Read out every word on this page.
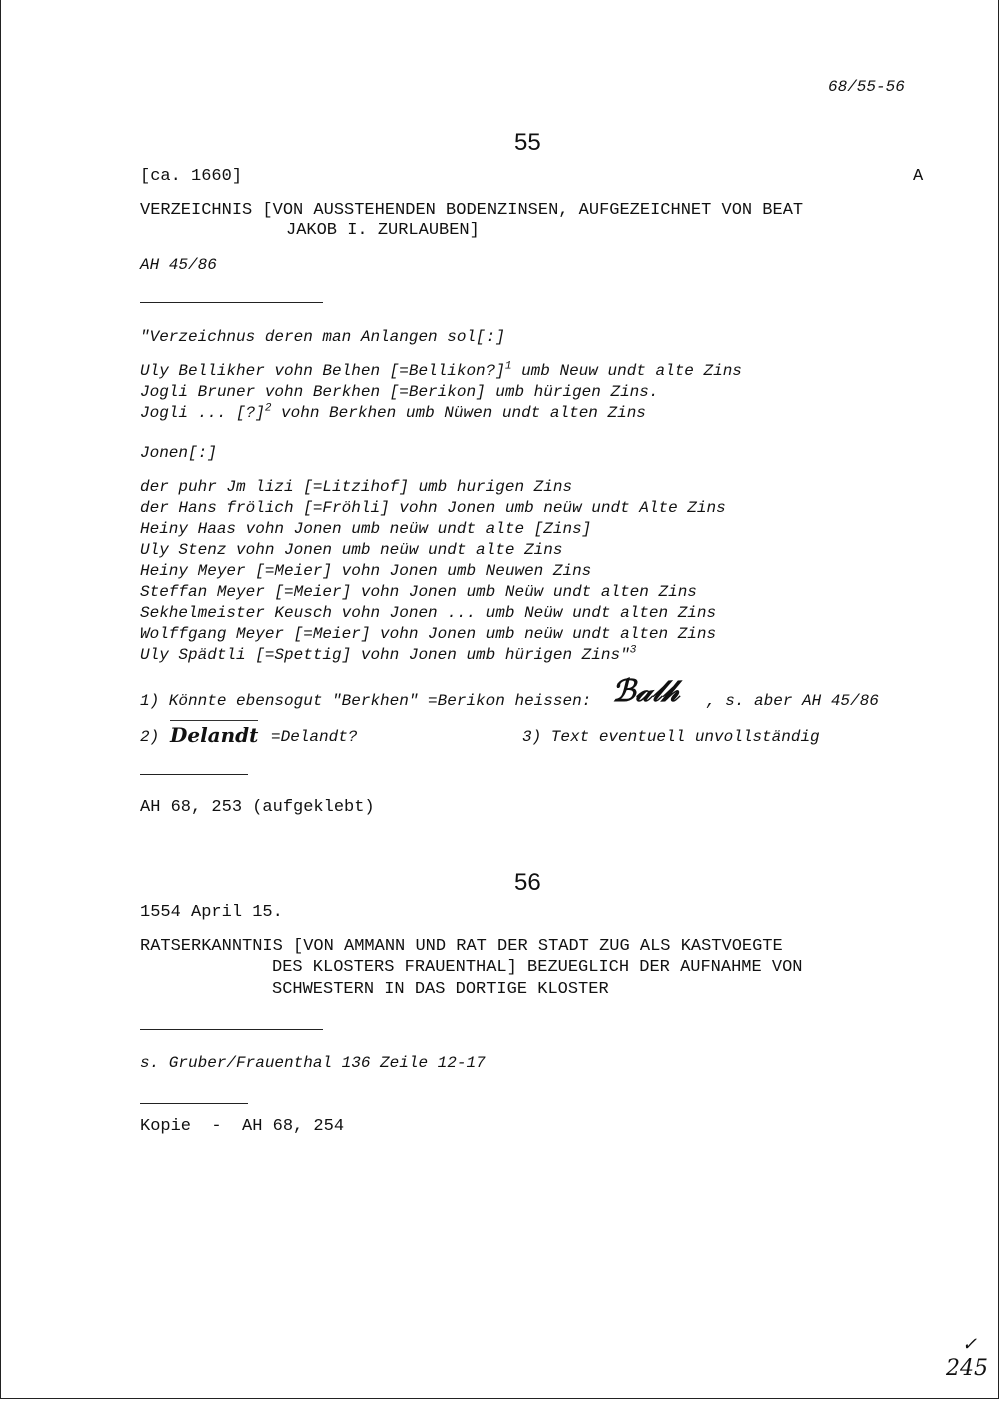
68/55-56
55
[ca. 1660]	A
VERZEICHNIS [VON AUSSTEHENDEN BODENZINSEN, AUFGEZEICHNET VON BEAT
JAKOB I. ZURLAUBEN]
AH 45/86
"Verzeichnus deren man Anlangen sol[:]
Uly Bellikher vohn Belhen [=Bellikon?]$^1$ umb Neuw undt alte Zins
Jogli Bruner vohn Berkhen [=Berikon] umb hürigen Zins.
Jogli ... [?]$^2$ vohn Berkhen umb Nüwen undt alten Zins
Jonen[:]
der puhr Jm lizi [=Litzihof] umb hurigen Zins
der Hans frölich [=Fröhli] vohn Jonen umb neüw undt Alte Zins
Heiny Haas vohn Jonen umb neüw undt alte [Zins]
Uly Stenz vohn Jonen umb neüw undt alte Zins
Heiny Meyer [=Meier] vohn Jonen umb Neuwen Zins
Steffan Meyer [=Meier] vohn Jonen umb Neüw undt alten Zins
Sekhelmeister Keusch vohn Jonen ... umb Neüw undt alten Zins
Wolffgang Meyer [=Meier] vohn Jonen umb neüw undt alten Zins
Uly Spädtli [=Spettig] vohn Jonen umb hürigen Zins"$^3$
1) Könnte ebensogut "Berkhen" =Berikon heissen: ℬ𝒶𝓁𝒽 , s. aber AH 45/86
2) Delandt =Delandt?	3) Text eventuell unvollständig
AH 68, 253 (aufgeklebt)
56
1554 April 15.
RATSERKANNTNIS [VON AMMANN UND RAT DER STADT ZUG ALS KASTVOEGTE
DES KLOSTERS FRAUENTHAL] BEZUEGLICH DER AUFNAHME VON
SCHWESTERN IN DAS DORTIGE KLOSTER
s. Gruber/Frauenthal 136 Zeile 12-17
Kopie  -  AH 68, 254
245
✓
